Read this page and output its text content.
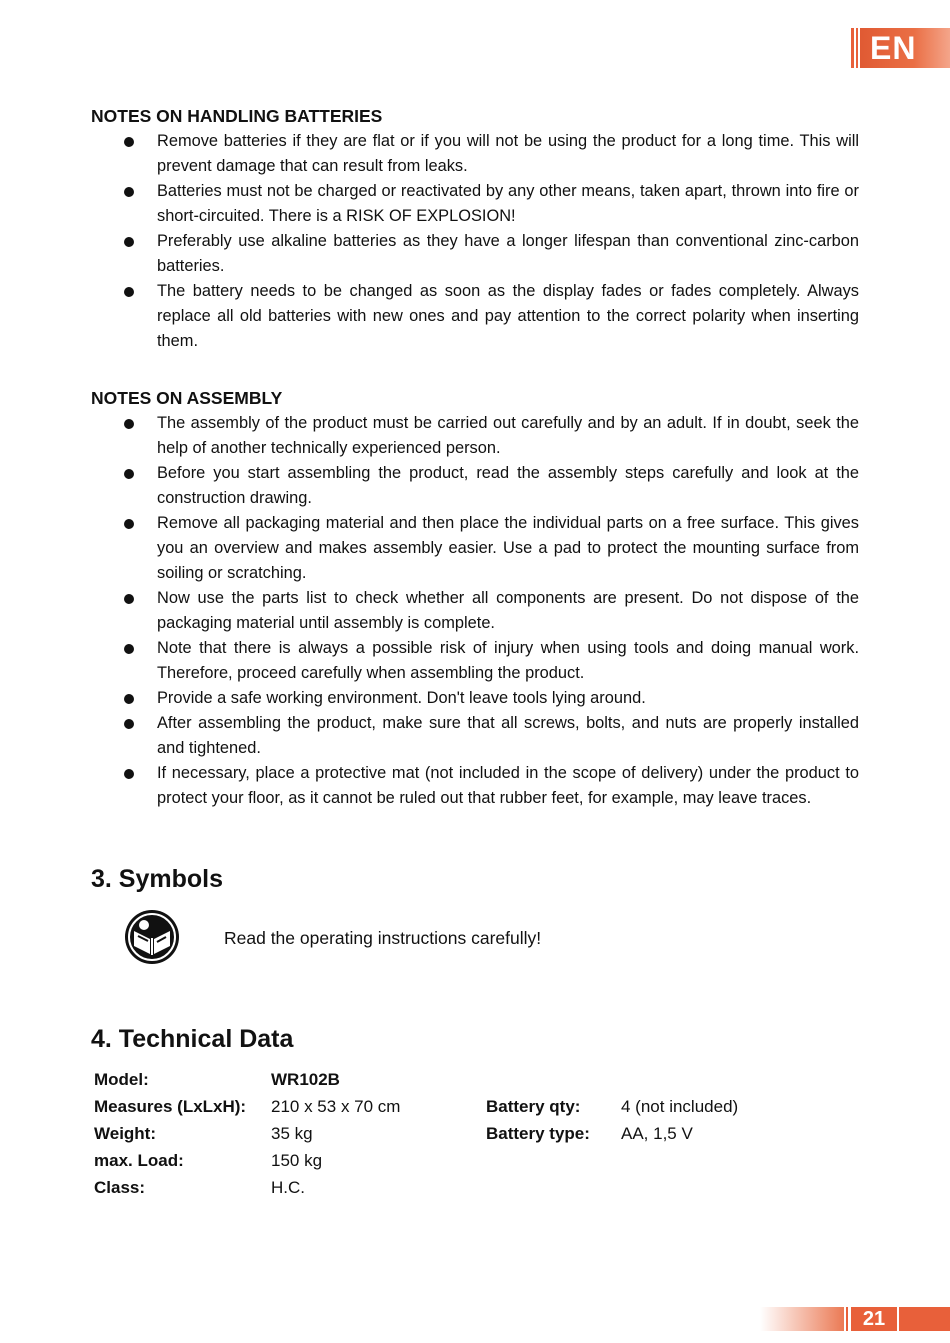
EN
NOTES ON HANDLING BATTERIES
Remove batteries if they are flat or if you will not be using the product for a long time. This will prevent damage that can result from leaks.
Batteries must not be charged or reactivated by any other means, taken apart, thrown into fire or short-circuited. There is a RISK OF EXPLOSION!
Preferably use alkaline batteries as they have a longer lifespan than conventional zinc-carbon batteries.
The battery needs to be changed as soon as the display fades or fades completely. Always replace all old batteries with new ones and pay attention to the correct polarity when inserting them.
NOTES ON ASSEMBLY
The assembly of the product must be carried out carefully and by an adult. If in doubt, seek the help of another technically experienced person.
Before you start assembling the product, read the assembly steps carefully and look at the construction drawing.
Remove all packaging material and then place the individual parts on a free surface. This gives you an overview and makes assembly easier. Use a pad to protect the mounting surface from soiling or scratching.
Now use the parts list to check whether all components are present. Do not dispose of the packaging material until assembly is complete.
Note that there is always a possible risk of injury when using tools and doing manual work. Therefore, proceed carefully when assembling the product.
Provide a safe working environment. Don't leave tools lying around.
After assembling the product, make sure that all screws, bolts, and nuts are properly installed and tightened.
If necessary, place a protective mat (not included in the scope of delivery) under the product to protect your floor, as it cannot be ruled out that rubber feet, for example, may leave traces.
3. Symbols
Read the operating instructions carefully!
4. Technical Data
Model:	WR102B		
Measures (LxLxH):	210 x 53 x 70 cm	Battery qty:	4 (not included)
Weight:	35 kg	Battery type:	AA, 1,5 V
max. Load:	150 kg		
Class:	H.C.		
21
